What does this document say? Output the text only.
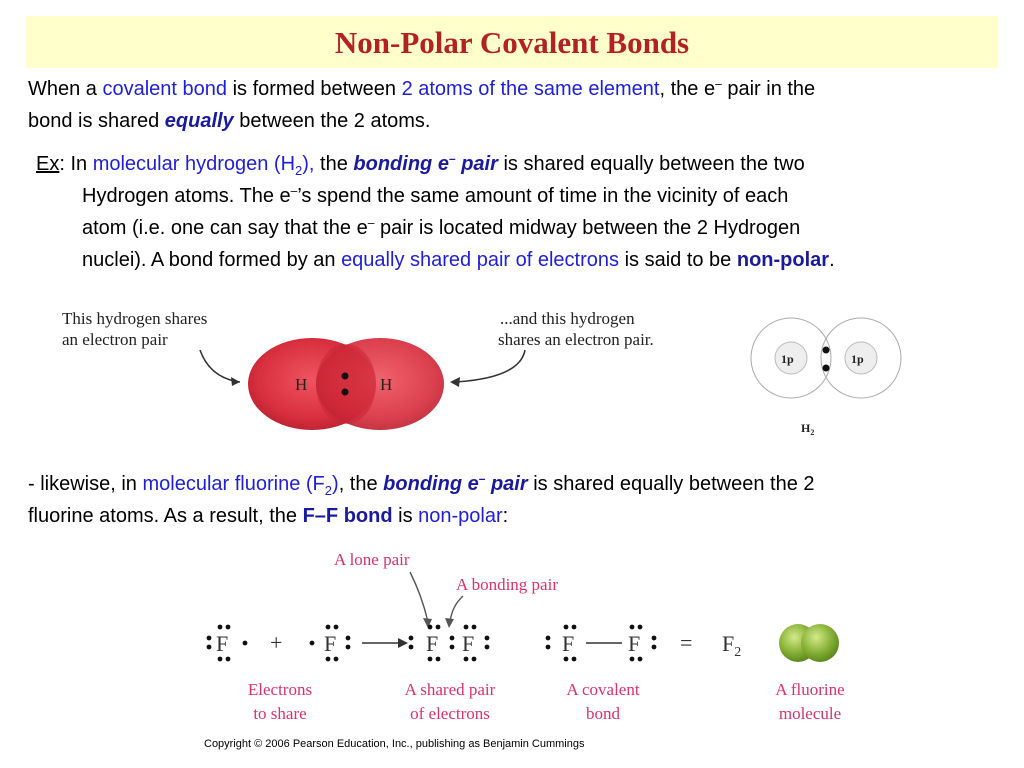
Non-Polar Covalent Bonds
When a covalent bond is formed between 2 atoms of the same element, the e– pair in the
bond is shared equally between the 2 atoms.
Ex: In molecular hydrogen $(H_2)$, the bonding e– pair is shared equally between the two
Hydrogen atoms. The e–’s spend the same amount of time in the vicinity of each
atom (i.e. one can say that the e– pair is located midway between the 2 Hydrogen
nuclei). A bond formed by an equally shared pair of electrons is said to be non-polar.
This hydrogen shares
an electron pair
...and this hydrogen
shares an electron pair.
H	H
1p	1p
$H_2$
- likewise, in molecular fluorine $(F_2)$, the bonding e– pair is shared equally between the 2
fluorine atoms. As a result, the F–F bond is non-polar:
A lone pair
A bonding pair
F + F	F F	F $F = F_2$
Electrons
to share
A shared pair
of electrons
A covalent
bond
A fluorine
molecule
Copyright © 2006 Pearson Education, Inc., publishing as Benjamin Cummings
